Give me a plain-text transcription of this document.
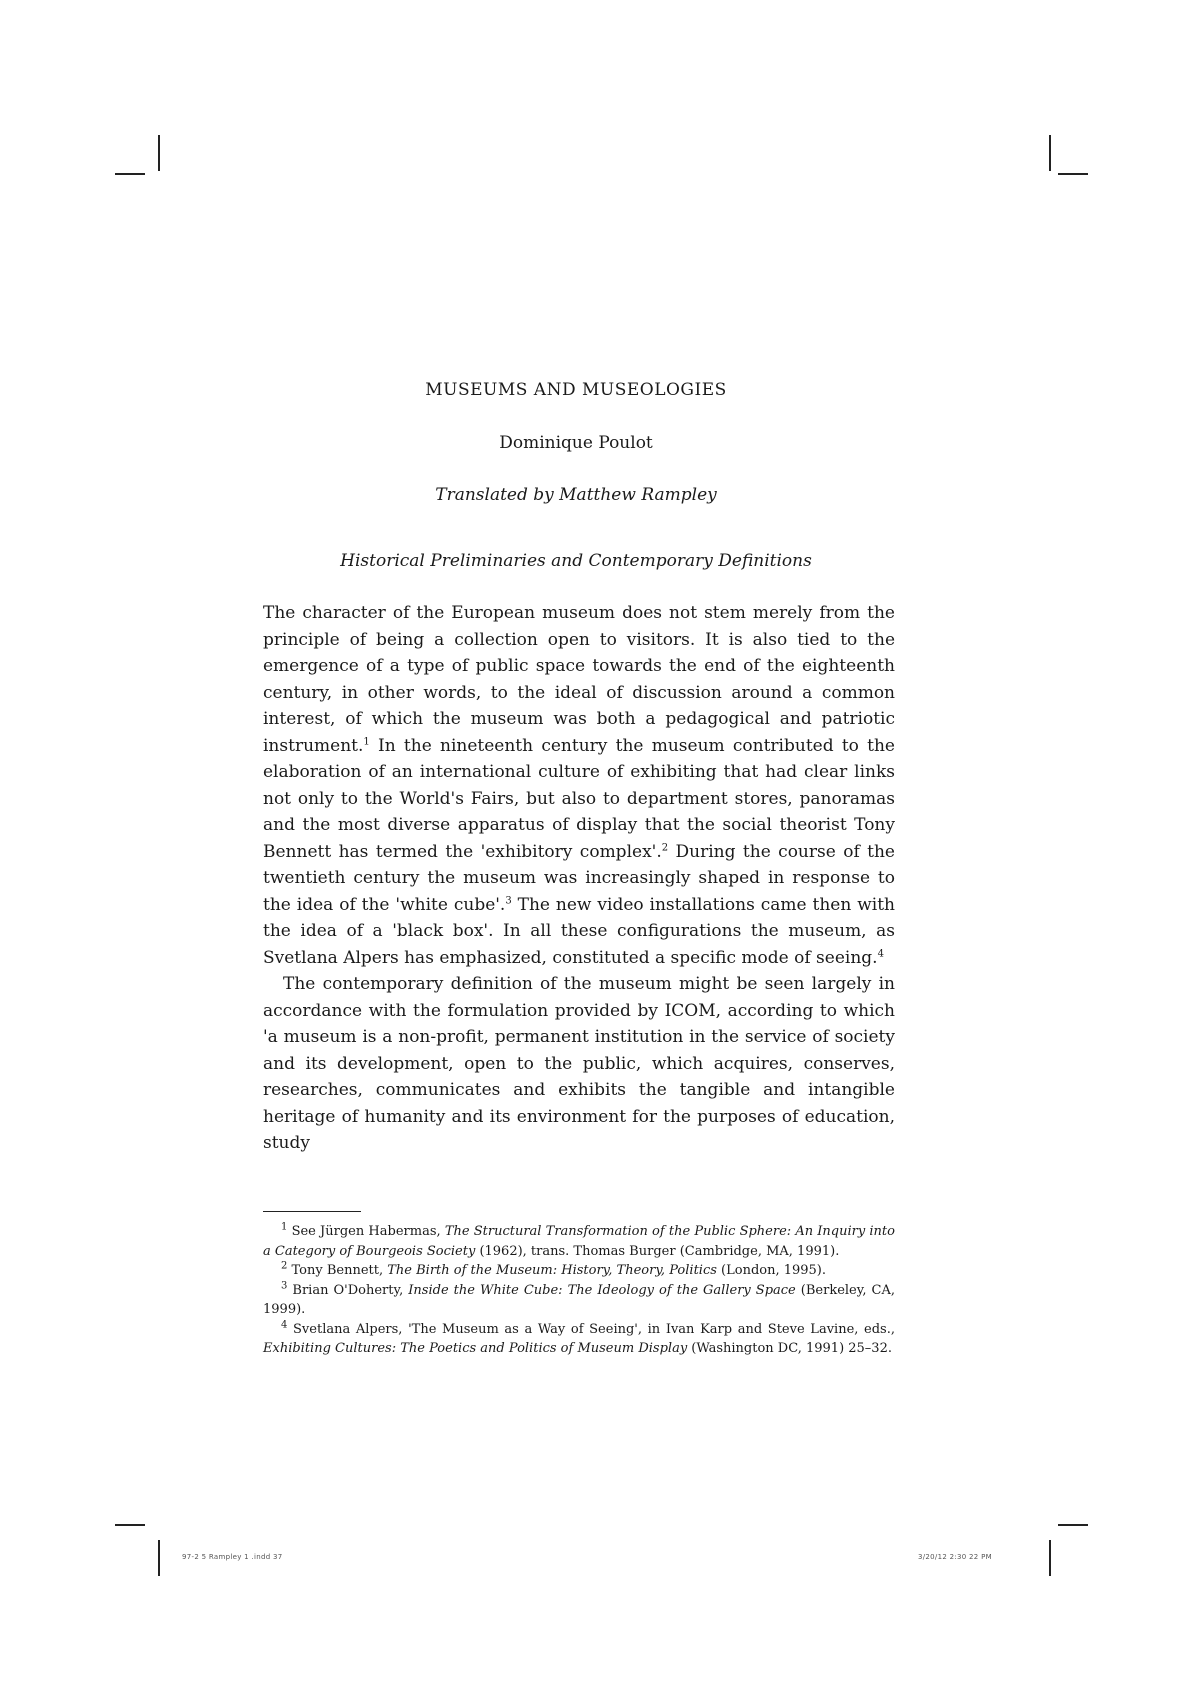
MUSEUMS AND MUSEOLOGIES
Dominique Poulot
Translated by Matthew Rampley
Historical Preliminaries and Contemporary Definitions

The character of the European museum does not stem merely from the principle of being a collection open to visitors. It is also tied to the emergence of a type of public space towards the end of the eighteenth century, in other words, to the ideal of discussion around a common interest, of which the museum was both a pedagogical and patriotic instrument.$^1$ In the nineteenth century the museum contributed to the elaboration of an international culture of exhibiting that had clear links not only to the World's Fairs, but also to department stores, panoramas and the most diverse apparatus of display that the social theorist Tony Bennett has termed the 'exhibitory complex'.$^2$ During the course of the twentieth century the museum was increasingly shaped in response to the idea of the 'white cube'.$^3$ The new video installations came then with the idea of a 'black box'. In all these configurations the museum, as Svetlana Alpers has emphasized, constituted a specific mode of seeing.$^4$

The contemporary definition of the museum might be seen largely in accordance with the formulation provided by ICOM, according to which 'a museum is a non-profit, permanent institution in the service of society and its development, open to the public, which acquires, conserves, researches, communicates and exhibits the tangible and intangible heritage of humanity and its environment for the purposes of education, study

$^1$ See Jürgen Habermas, The Structural Transformation of the Public Sphere: An Inquiry into a Category of Bourgeois Society (1962), trans. Thomas Burger (Cambridge, MA, 1991).

$^2$ Tony Bennett, The Birth of the Museum: History, Theory, Politics (London, 1995).

$^3$ Brian O'Doherty, Inside the White Cube: The Ideology of the Gallery Space (Berkeley, CA, 1999).

$^4$ Svetlana Alpers, 'The Museum as a Way of Seeing', in Ivan Karp and Steve Lavine, eds., Exhibiting Cultures: The Poetics and Politics of Museum Display (Washington DC, 1991) 25–32.

97-2 5 Rampley 1 .indd 37	3/20/12 2:30 22 PM
